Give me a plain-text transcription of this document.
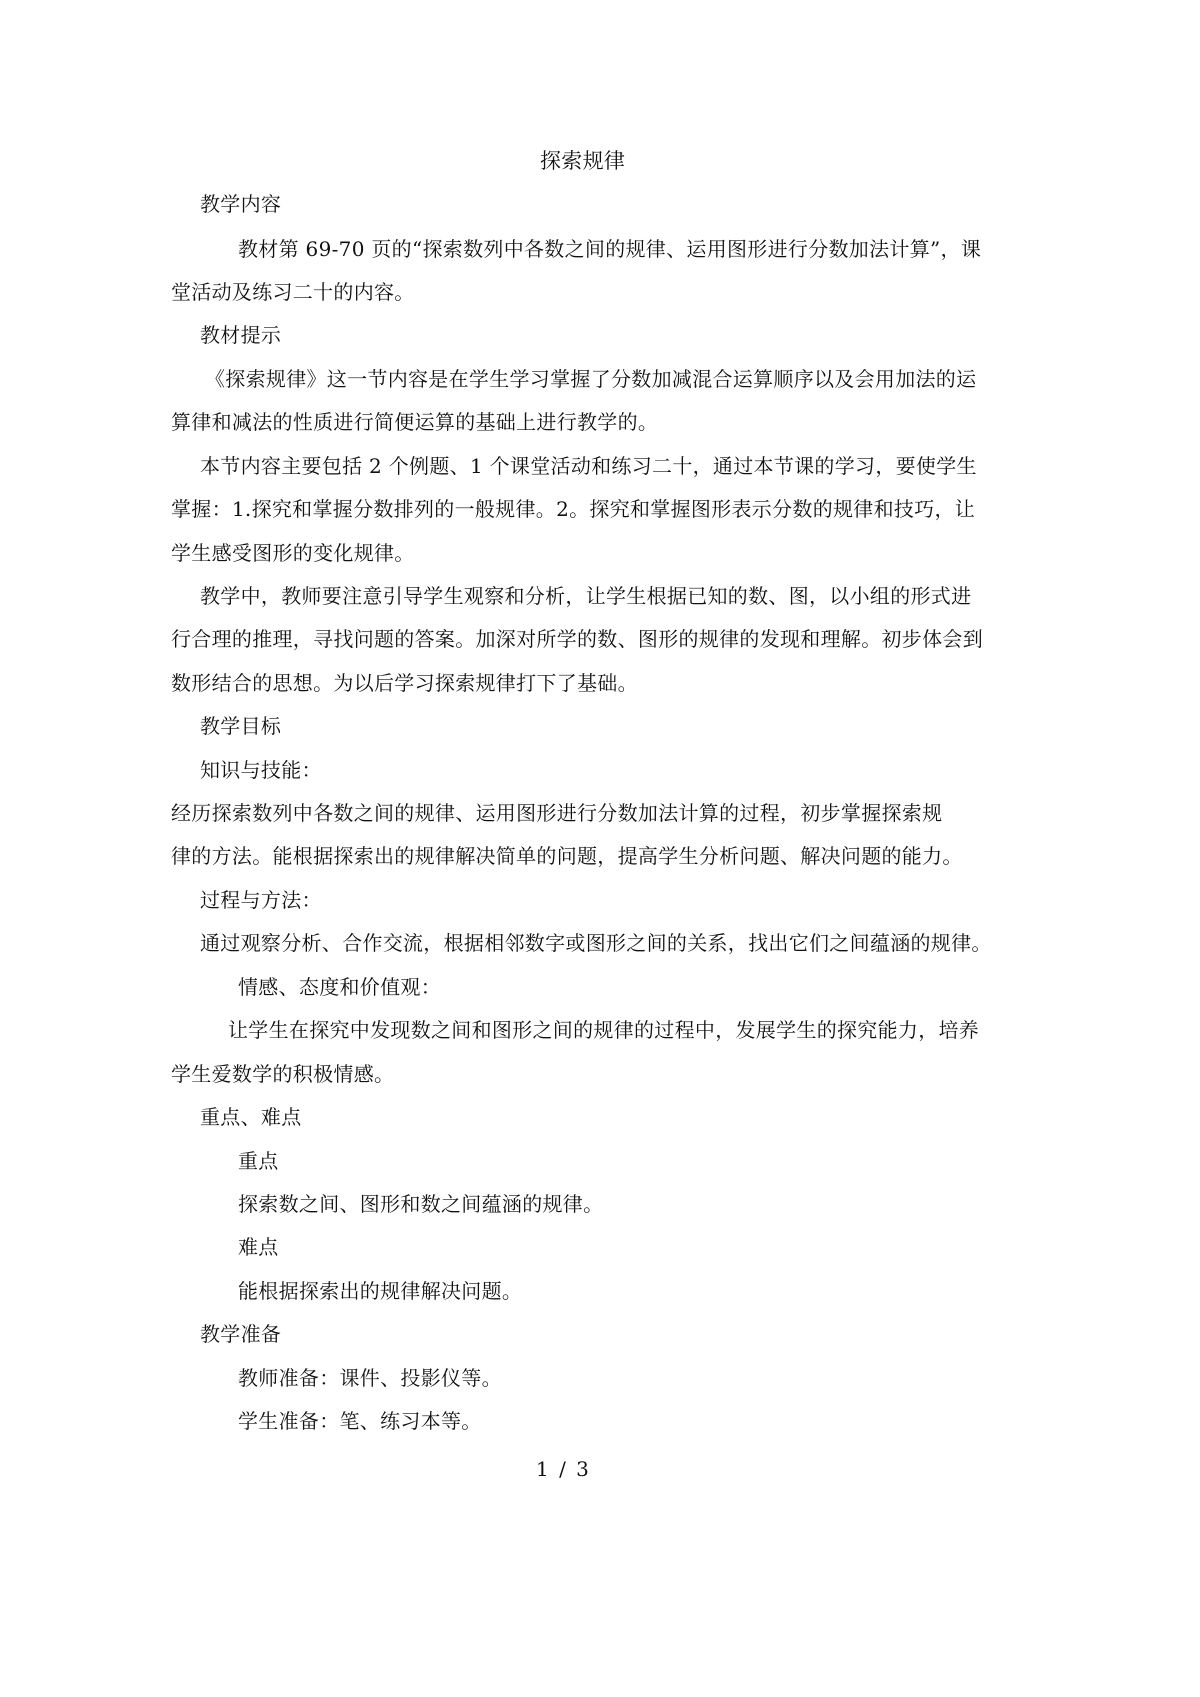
探索规律
教学内容
教材第 69-70 页的“探索数列中各数之间的规律、运用图形进行分数加法计算”，课
堂活动及练习二十的内容。
教材提示
《探索规律》这一节内容是在学生学习掌握了分数加减混合运算顺序以及会用加法的运
算律和减法的性质进行简便运算的基础上进行教学的。
本节内容主要包括 2 个例题、1 个课堂活动和练习二十，通过本节课的学习，要使学生
掌握：1.探究和掌握分数排列的一般规律。2。探究和掌握图形表示分数的规律和技巧，让
学生感受图形的变化规律。
教学中，教师要注意引导学生观察和分析，让学生根据已知的数、图，以小组的形式进
行合理的推理，寻找问题的答案。加深对所学的数、图形的规律的发现和理解。初步体会到
数形结合的思想。为以后学习探索规律打下了基础。
教学目标
知识与技能：
经历探索数列中各数之间的规律、运用图形进行分数加法计算的过程，初步掌握探索规
律的方法。能根据探索出的规律解决简单的问题，提高学生分析问题、解决问题的能力。
过程与方法：
通过观察分析、合作交流，根据相邻数字或图形之间的关系，找出它们之间蕴涵的规律。
情感、态度和价值观：
让学生在探究中发现数之间和图形之间的规律的过程中，发展学生的探究能力，培养
学生爱数学的积极情感。
重点、难点
重点
探索数之间、图形和数之间蕴涵的规律。
难点
能根据探索出的规律解决问题。
教学准备
教师准备：课件、投影仪等。
学生准备：笔、练习本等。
1 / 3
